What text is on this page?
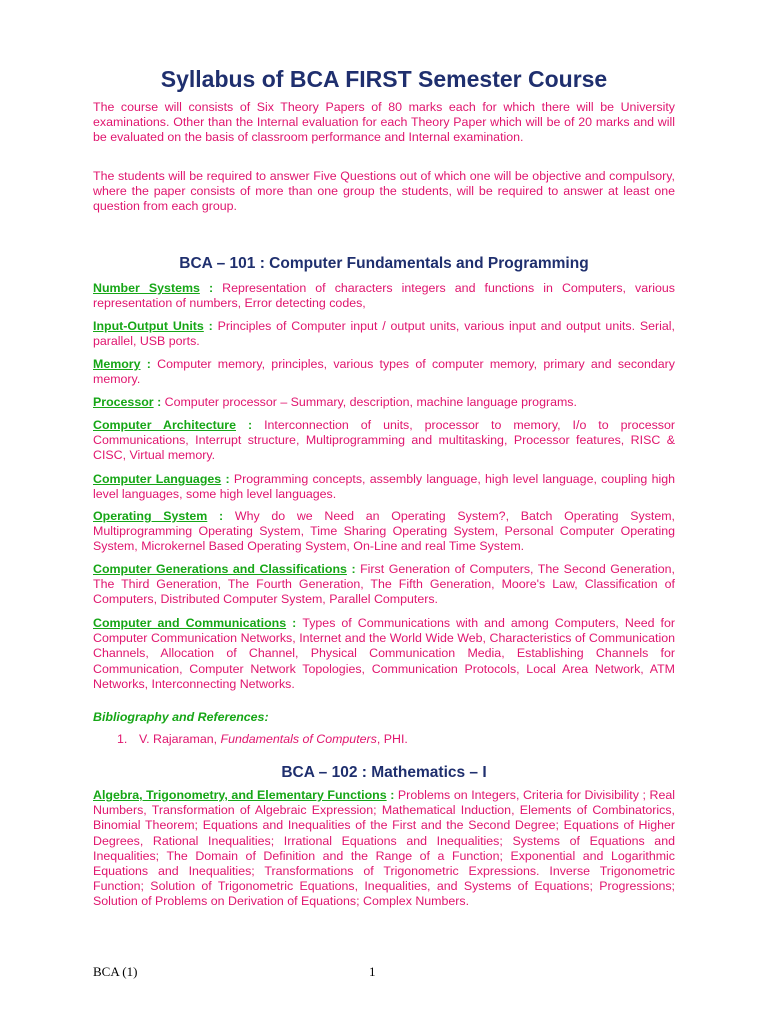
Syllabus of BCA FIRST Semester Course

The course will consists of Six Theory Papers of 80 marks each for which there will be University examinations. Other than the Internal evaluation for each Theory Paper which will be of 20 marks and will be evaluated on the basis of classroom performance and Internal examination.

The students will be required to answer Five Questions out of which one will be objective and compulsory, where the paper consists of more than one group the students, will be required to answer at least one question from each group.

BCA – 101 : Computer Fundamentals and Programming

Number Systems : Representation of characters integers and functions in Computers, various representation of numbers, Error detecting codes,

Input-Output Units : Principles of Computer input / output units, various input and output units. Serial, parallel, USB ports.

Memory : Computer memory, principles, various types of computer memory, primary and secondary memory.

Processor : Computer processor – Summary, description, machine language programs.

Computer Architecture : Interconnection of units, processor to memory, I/o to processor Communications, Interrupt structure, Multiprogramming and multitasking, Processor features, RISC & CISC, Virtual memory.

Computer Languages : Programming concepts, assembly language, high level language, coupling high level languages, some high level languages.

Operating System : Why do we Need an Operating System?, Batch Operating System, Multiprogramming Operating System, Time Sharing Operating System, Personal Computer Operating System, Microkernel Based Operating System, On-Line and real Time System.

Computer Generations and Classifications : First Generation of Computers, The Second Generation, The Third Generation, The Fourth Generation, The Fifth Generation, Moore's Law, Classification of Computers, Distributed Computer System, Parallel Computers.

Computer and Communications : Types of Communications with and among Computers, Need for Computer Communication Networks, Internet and the World Wide Web, Characteristics of Communication Channels, Allocation of Channel, Physical Communication Media, Establishing Channels for Communication, Computer Network Topologies, Communication Protocols, Local Area Network, ATM Networks, Interconnecting Networks.

Bibliography and References:

1. V. Rajaraman, Fundamentals of Computers, PHI.

BCA – 102 : Mathematics – I

Algebra, Trigonometry, and Elementary Functions : Problems on Integers, Criteria for Divisibility ; Real Numbers, Transformation of Algebraic Expression; Mathematical Induction, Elements of Combinatorics, Binomial Theorem; Equations and Inequalities of the First and the Second Degree; Equations of Higher Degrees, Rational Inequalities; Irrational Equations and Inequalities; Systems of Equations and Inequalities; The Domain of Definition and the Range of a Function; Exponential and Logarithmic Equations and Inequalities; Transformations of Trigonometric Expressions. Inverse Trigonometric Function; Solution of Trigonometric Equations, Inequalities, and Systems of Equations; Progressions; Solution of Problems on Derivation of Equations; Complex Numbers.

BCA (1)	1
